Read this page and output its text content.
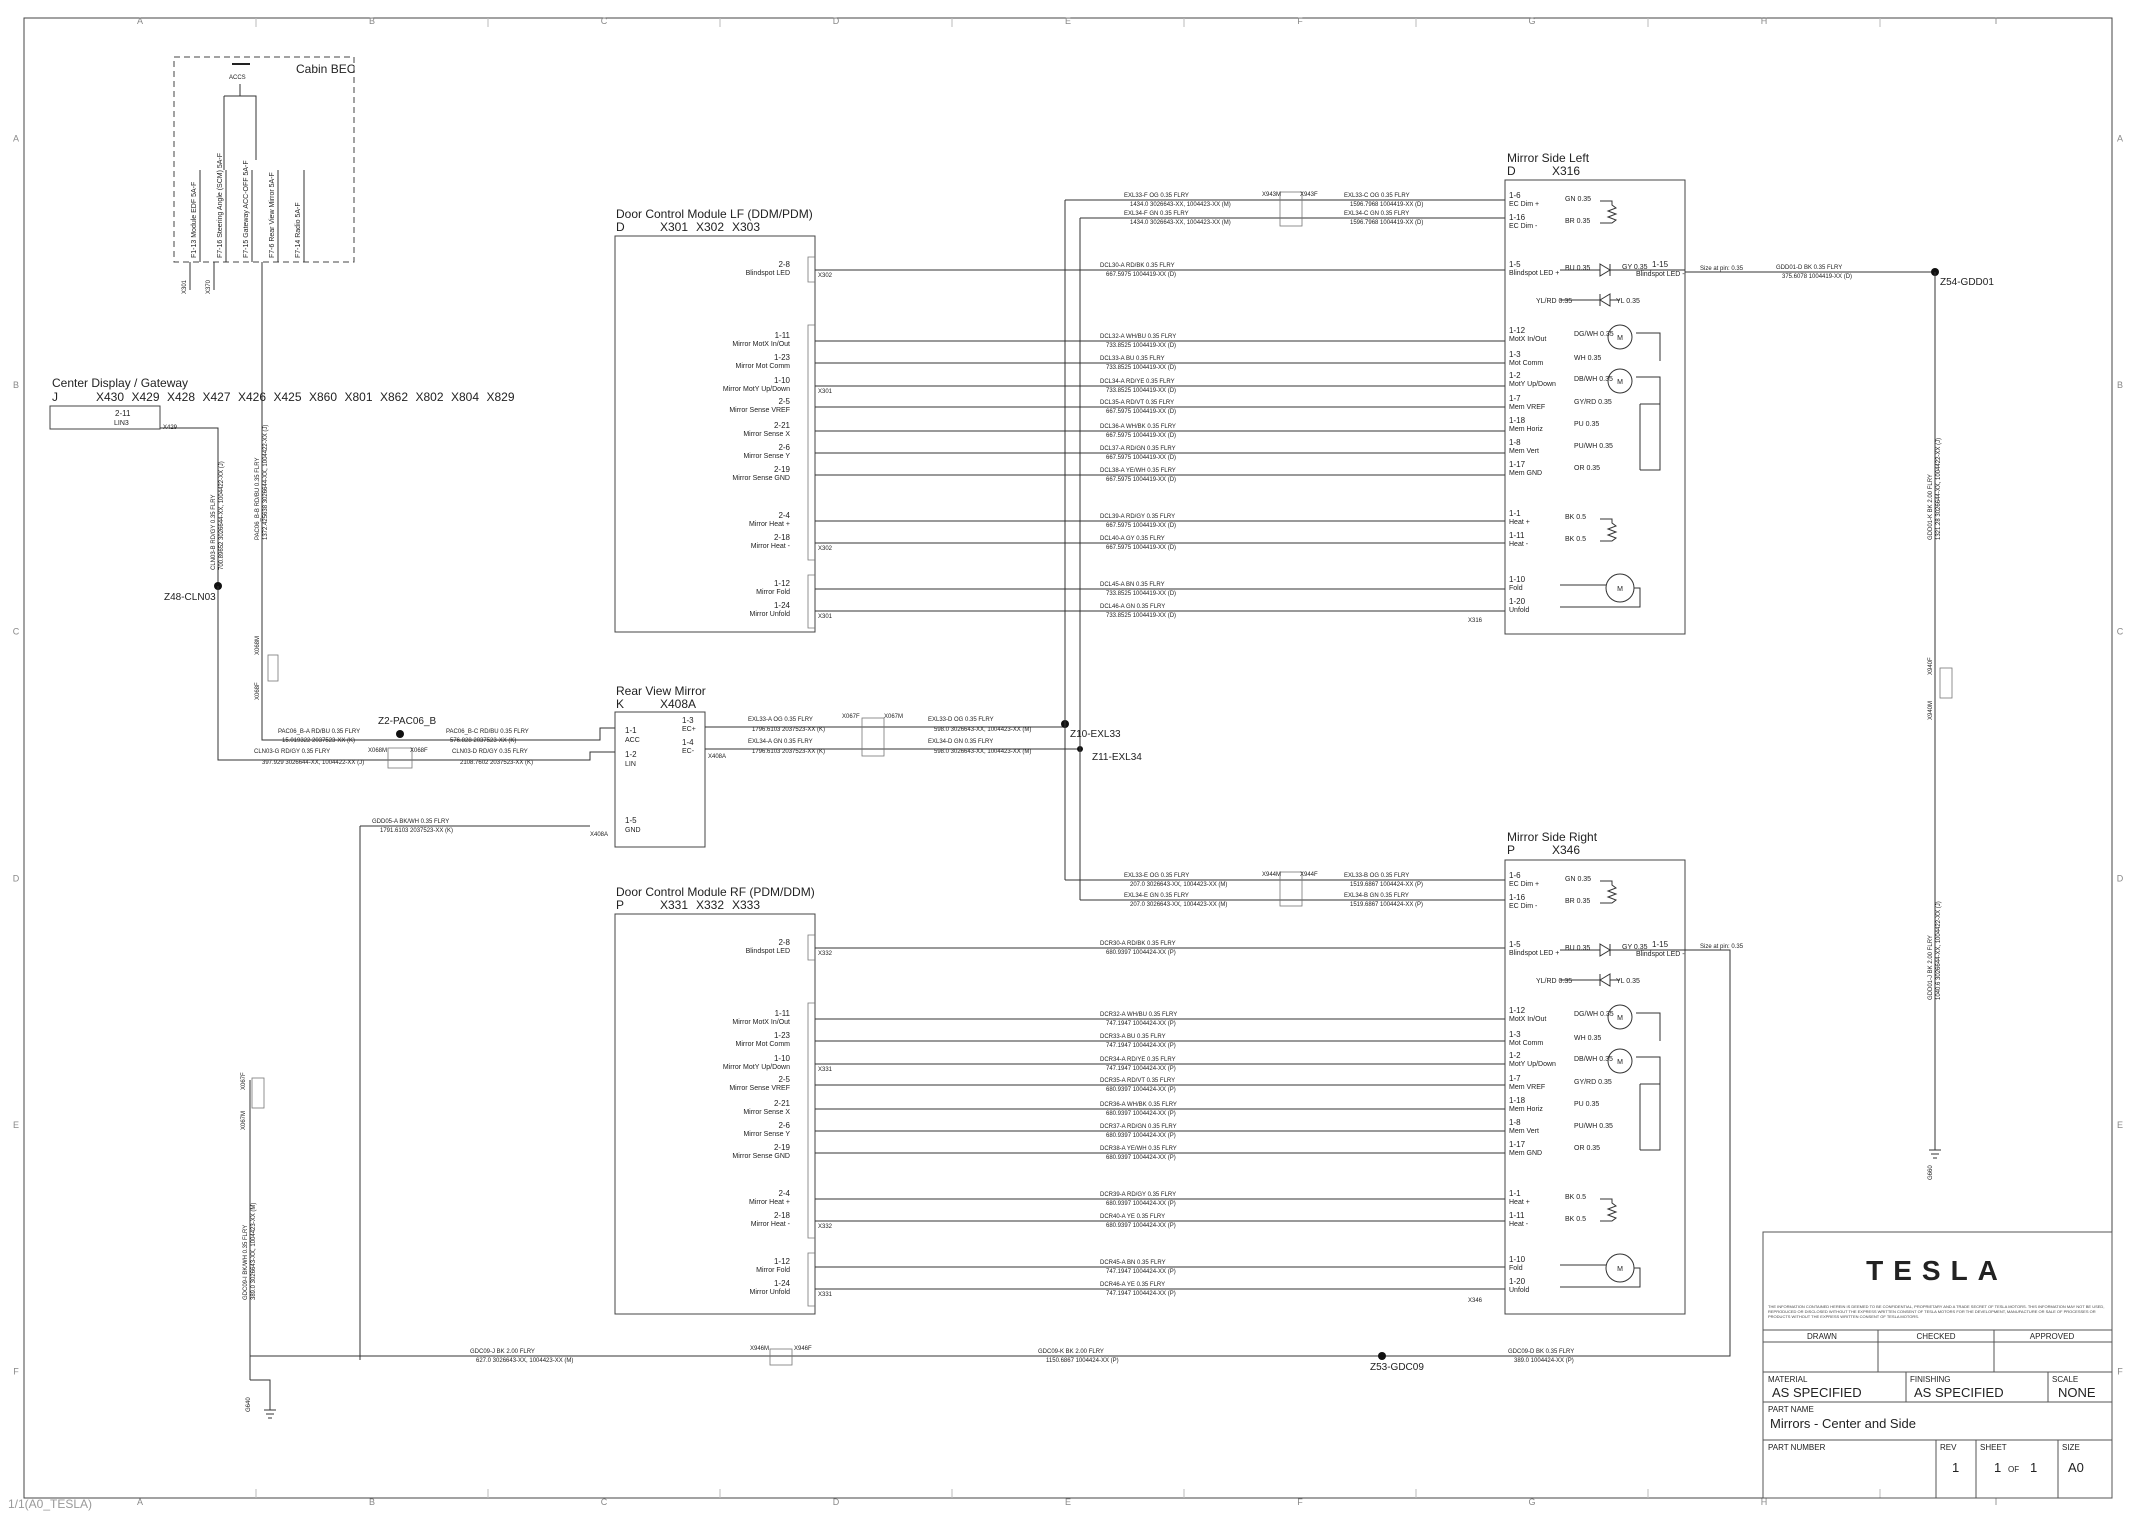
A
A
B
B
C
C
D
D
E
E
F
F
G
G
H
H
I
I
A	A
B	B
C	C
D	D
E	E
F	F
Cabin BEC
ACCS
F1-13 Module EDF 5A-F	F7-16 Steering Angle (SCM) 5A-F	F7-15 Gateway ACC-OFF 5A-F	F7-6 Rear View Mirror 5A-F	F7-14 Radio 5A-F
X301	X370
Center Display / Gateway
J	X430 X429 X428 X427 X426 X425 X860 X801 X862 X802 X804 X829
2-11
LIN3
X429
Z48-CLN03
CLN03-B RD/GY 0.35 FLRY 700.89652 3026644-XX, 1004422-XX (J)	PAC06_B-B RD/BU 0.35 FLRY 1372.425638 3026644-XX, 1004422-XX (J)
X068M
X068F
Z2-PAC06_B
PAC06_B-A RD/BU 0.35 FLRY
15.019322 2037523-XX (K)
PAC06_B-C RD/BU 0.35 FLRY
576.828 2037523-XX (K)
CLN03-G RD/GY 0.35 FLRY
397.929 3026644-XX, 1004422-XX (J)
CLN03-D RD/GY 0.35 FLRY
2108.7602 2037523-XX (K)
X068M	X068F
GDD05-A BK/WH 0.35 FLRY
1791.6103 2037523-XX (K)
Rear View Mirror
K	X408A
1-1
ACC
1-2
LIN
1-3
EC+
1-4
EC-
1-5
GND
X408A
X408A
EXL33-A OG 0.35 FLRY
1796.6103 2037523-XX (K)
EXL34-A GN 0.35 FLRY
1796.6103 2037523-XX (K)
EXL33-D OG 0.35 FLRY
598.0 3026643-XX, 1004423-XX (M)
EXL34-D GN 0.35 FLRY
598.0 3026643-XX, 1004423-XX (M)
X067F	X067M
Z10-EXL33
Z11-EXL34
X943M	X943F
EXL33-F OG 0.35 FLRY
1434.0 3026643-XX, 1004423-XX (M)
EXL34-F GN 0.35 FLRY
1434.0 3026643-XX, 1004423-XX (M)
EXL33-C OG 0.35 FLRY
1596.7968 1004419-XX (D)
EXL34-C GN 0.35 FLRY
1596.7968 1004419-XX (D)
X944M	X944F
EXL33-E OG 0.35 FLRY
207.0 3026643-XX, 1004423-XX (M)
EXL34-E GN 0.35 FLRY
207.0 3026643-XX, 1004423-XX (M)
EXL33-B OG 0.35 FLRY
1519.6867 1004424-XX (P)
EXL34-B GN 0.35 FLRY
1519.6867 1004424-XX (P)
Door Control Module LF (DDM/PDM)
D	X301 X302 X303
2-8
Blindspot LED	X302
DCL30-A RD/BK 0.35 FLRY
667.5975 1004419-XX (D)
1-11
Mirror MotX In/Out
DCL32-A WH/BU 0.35 FLRY
733.8525 1004419-XX (D)
1-23
Mirror Mot Comm
DCL33-A BU 0.35 FLRY
733.8525 1004419-XX (D)
1-10
Mirror MotY Up/Down	X301
DCL34-A RD/YE 0.35 FLRY
733.8525 1004419-XX (D)
2-5
Mirror Sense VREF
DCL35-A RD/VT 0.35 FLRY
667.5975 1004419-XX (D)
2-21
Mirror Sense X
DCL36-A WH/BK 0.35 FLRY
667.5975 1004419-XX (D)
2-6
Mirror Sense Y
DCL37-A RD/GN 0.35 FLRY
667.5975 1004419-XX (D)
2-19
Mirror Sense GND
DCL38-A YE/WH 0.35 FLRY
667.5975 1004419-XX (D)
2-4
Mirror Heat +
DCL39-A RD/GY 0.35 FLRY
667.5975 1004419-XX (D)
2-18
Mirror Heat -	X302
DCL40-A GY 0.35 FLRY
667.5975 1004419-XX (D)
1-12
Mirror Fold
DCL45-A BN 0.35 FLRY
733.8525 1004419-XX (D)
1-24
Mirror Unfold	X301
DCL46-A GN 0.35 FLRY
733.8525 1004419-XX (D)
Door Control Module RF (PDM/DDM)
P	X331 X332 X333
2-8
Blindspot LED	X332
DCR30-A RD/BK 0.35 FLRY
680.9397 1004424-XX (P)
1-11
Mirror MotX In/Out
DCR32-A WH/BU 0.35 FLRY
747.1947 1004424-XX (P)
1-23
Mirror Mot Comm
DCR33-A BU 0.35 FLRY
747.1947 1004424-XX (P)
1-10
Mirror MotY Up/Down	X331
DCR34-A RD/YE 0.35 FLRY
747.1947 1004424-XX (P)
2-5
Mirror Sense VREF
DCR35-A RD/VT 0.35 FLRY
680.9397 1004424-XX (P)
2-21
Mirror Sense X
DCR36-A WH/BK 0.35 FLRY
680.9397 1004424-XX (P)
2-6
Mirror Sense Y
DCR37-A RD/GN 0.35 FLRY
680.9397 1004424-XX (P)
2-19
Mirror Sense GND
DCR38-A YE/WH 0.35 FLRY
680.9397 1004424-XX (P)
2-4
Mirror Heat +
DCR39-A RD/GY 0.35 FLRY
680.9397 1004424-XX (P)
2-18
Mirror Heat -	X332
DCR40-A YE 0.35 FLRY
680.9397 1004424-XX (P)
1-12
Mirror Fold
DCR45-A BN 0.35 FLRY
747.1947 1004424-XX (P)
1-24
Mirror Unfold	X331
DCR46-A YE 0.35 FLRY
747.1947 1004424-XX (P)
Mirror Side Left
D	X316
1-6
EC Dim +
GN 0.35
1-16
EC Dim -
BR 0.35
1-5
Blindspot LED +
BU 0.35
1-12
MotX In/Out
DG/WH 0.35
1-3
Mot Comm
WH 0.35
1-2
MotY Up/Down
DB/WH 0.35
1-7
Mem VREF
GY/RD 0.35
1-18
Mem Horiz
PU 0.35
1-8
Mem Vert
PU/WH 0.35
1-17
Mem GND
OR 0.35
1-1
Heat +
BK 0.5
1-11
Heat -
BK 0.5
1-10
Fold
1-20
Unfold
GY 0.35 1-15
Blindspot LED -
YL/RD 0.35	YL 0.35
M
M
M
X316
Mirror Side Right
P	X346
1-6
EC Dim +
GN 0.35
1-16
EC Dim -
BR 0.35
1-5
Blindspot LED +
BU 0.35
1-12
MotX In/Out
DG/WH 0.35
1-3
Mot Comm
WH 0.35
1-2
MotY Up/Down
DB/WH 0.35
1-7
Mem VREF
GY/RD 0.35
1-18
Mem Horiz
PU 0.35
1-8
Mem Vert
PU/WH 0.35
1-17
Mem GND
OR 0.35
1-1
Heat +
BK 0.5
1-11
Heat -
BK 0.5
1-10
Fold
1-20
Unfold
GY 0.35 1-15
Blindspot LED -
YL/RD 0.35	YL 0.35
M
M
M
X346
Size at pin: 0.35	GDD01-D BK 0.35 FLRY
375.6078 1004419-XX (D)	Z54-GDD01
GDD01-K BK 2.00 FLRY 1321.28 3026644-XX, 1004422-XX (J)
GDD01-J BK 2.00 FLRY 1040.6 3026644-XX, 1004422-XX (J)
X940F
X940M
G660
Size at pin: 0.35
Z53-GDC09
GDC09-D BK 0.35 FLRY
389.0 1004424-XX (P)
GDC09-K BK 2.00 FLRY
1150.6867 1004424-XX (P)
GDC09-J BK 2.00 FLRY
627.0 3026643-XX, 1004423-XX (M)
X946M	X946F
G640
GDC09-I BK/WH 0.35 FLRY 389.0 3026643-XX, 1004423-XX (M)
X067F
X067M
TESLA
THE INFORMATION CONTAINED HEREIN IS DEEMED TO BE CONFIDENTIAL, PROPRIETARY AND A TRADE SECRET OF TESLA MOTORS. THIS INFORMATION MAY NOT BE USED, REPRODUCED OR DISCLOSED WITHOUT THE EXPRESS WRITTEN CONSENT OF TESLA MOTORS FOR THE DEVELOPMENT, MANUFACTURE OR SALE OF PROCESSES OR PRODUCTS WITHOUT THE EXPRESS WRITTEN CONSENT OF TESLA MOTORS.
DRAWN	CHECKED	APPROVED
MATERIAL
AS SPECIFIED
FINISHING
AS SPECIFIED
SCALE
NONE
PART NAME
Mirrors - Center and Side
PART NUMBER	REV
1
SHEET
1 OF 1
SIZE
A0
1/1(A0_TESLA)
